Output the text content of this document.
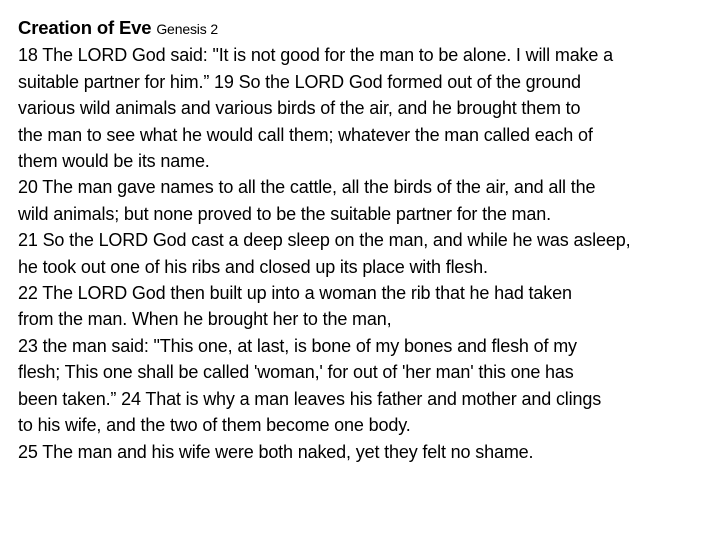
Creation of Eve Genesis 2
18 The LORD God said: "It is not good for the man to be alone. I will make a
suitable partner for him.” 19 So the LORD God formed out of the ground
various wild animals and various birds of the air, and he brought them to
the man to see what he would call them; whatever the man called each of
them would be its name.
20 The man gave names to all the cattle, all the birds of the air, and all the
wild animals; but none proved to be the suitable partner for the man.
21 So the LORD God cast a deep sleep on the man, and while he was asleep,
he took out one of his ribs and closed up its place with flesh.
22 The LORD God then built up into a woman the rib that he had taken
from the man. When he brought her to the man,
23 the man said: "This one, at last, is bone of my bones and flesh of my
flesh; This one shall be called 'woman,' for out of 'her man' this one has
been taken.” 24 That is why a man leaves his father and mother and clings
to his wife, and the two of them become one body.
25 The man and his wife were both naked, yet they felt no shame.
